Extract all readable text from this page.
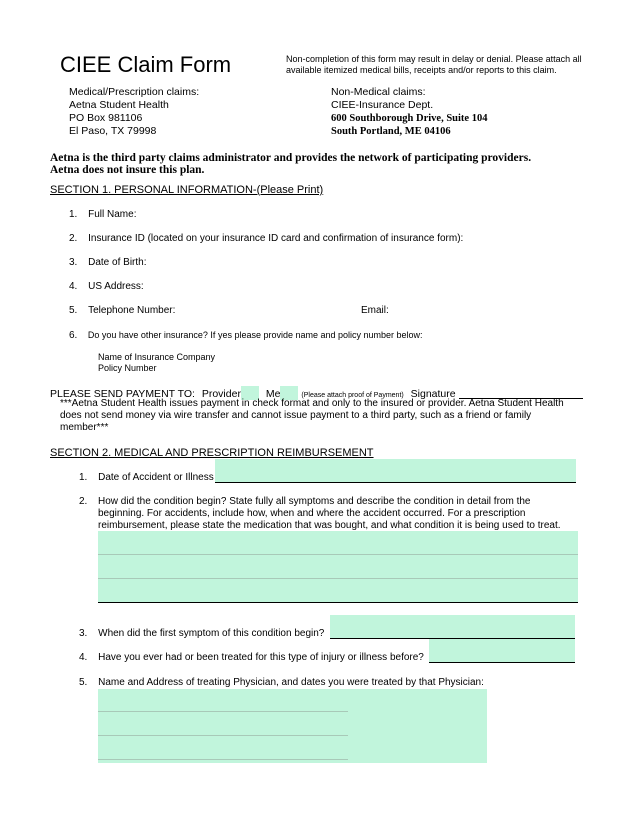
CIEE Claim Form	Non-completion of this form may result in delay or denial. Please attach all available itemized medical bills, receipts and/or reports to this claim.
Medical/Prescription claims:
Aetna Student Health
PO Box 981106
El Paso, TX 79998
Non-Medical claims:
CIEE-Insurance Dept.
600 Southborough Drive, Suite 104
South Portland, ME 04106
Aetna is the third party claims administrator and provides the network of participating providers.
Aetna does not insure this plan.
SECTION 1. PERSONAL INFORMATION-(Please Print)
1. Full Name:
2. Insurance ID (located on your insurance ID card and confirmation of insurance form):
3. Date of Birth:
4. US Address:
5. Telephone Number:	Email:
6. Do you have other insurance? If yes please provide name and policy number below:
Name of Insurance Company
Policy Number
PLEASE SEND PAYMENT TO: Provider Me	(Please attach proof of Payment) Signature
***Aetna Student Health issues payment in check format and only to the insured or provider. Aetna Student Health does not send money via wire transfer and cannot issue payment to a third party, such as a friend or family member***
SECTION 2. MEDICAL AND PRESCRIPTION REIMBURSEMENT
1. Date of Accident or Illness
2. How did the condition begin? State fully all symptoms and describe the condition in detail from the beginning. For accidents, include how, when and where the accident occurred. For a prescription reimbursement, please state the medication that was bought, and what condition it is being used to treat.
3. When did the first symptom of this condition begin?
4. Have you ever had or been treated for this type of injury or illness before?
5. Name and Address of treating Physician, and dates you were treated by that Physician:
